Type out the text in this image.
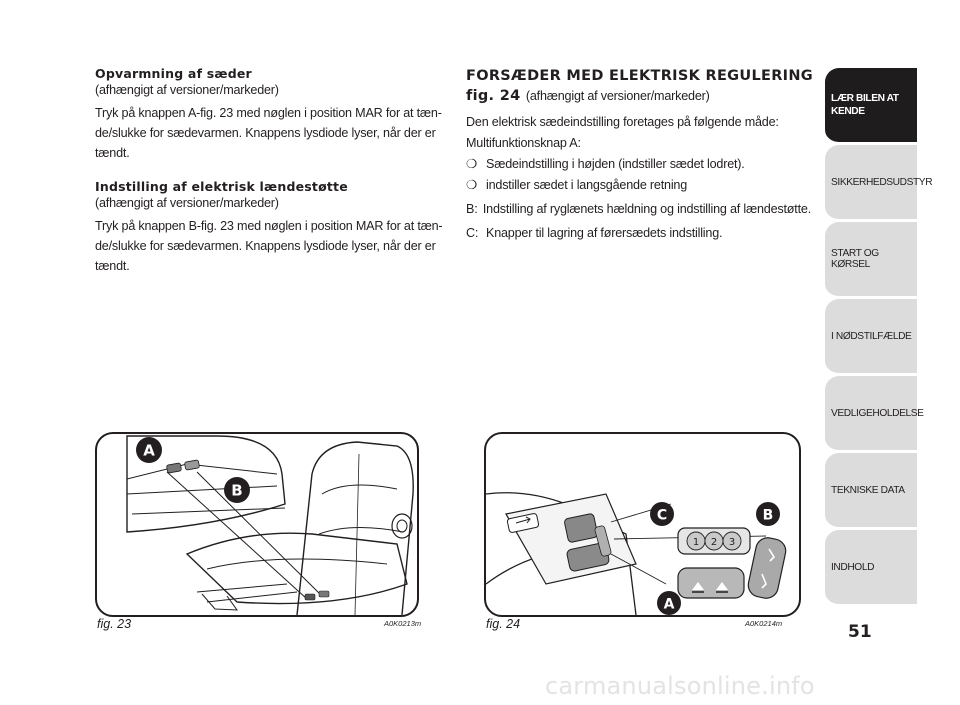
Opvarmning af sæder
(afhængigt af versioner/markeder)
Tryk på knappen A-fig. 23 med nøglen i position MAR for at tæn-
de/slukke for sædevarmen. Knappens lysdiode lyser, når der er
tændt.
Indstilling af elektrisk lændestøtte
(afhængigt af versioner/markeder)
Tryk på knappen B-fig. 23 med nøglen i position MAR for at tæn-
de/slukke for sædevarmen. Knappens lysdiode lyser, når der er
tændt.
FORSÆDER MED ELEKTRISK REGULERING
fig. 24 (afhængigt af versioner/markeder)
Den elektrisk sædeindstilling foretages på følgende måde:
Multifunktionsknap A:
❍ Sædeindstilling i højden (indstiller sædet lodret).
❍ indstiller sædet i langsgående retning
B: Indstilling af ryglænets hældning og indstilling af lændestøtte.
C: Knapper til lagring af førersædets indstilling.
A
B
fig. 23	A0K0213m
1 2 3
C	B
A
fig. 24	A0K0214m
LÆR BILEN AT KENDE
SIKKERHEDSUDSTYR
START OG KØRSEL
I NØDSTILFÆLDE
VEDLIGEHOLDELSE
TEKNISKE DATA
INDHOLD
51
carmanualsonline.info
